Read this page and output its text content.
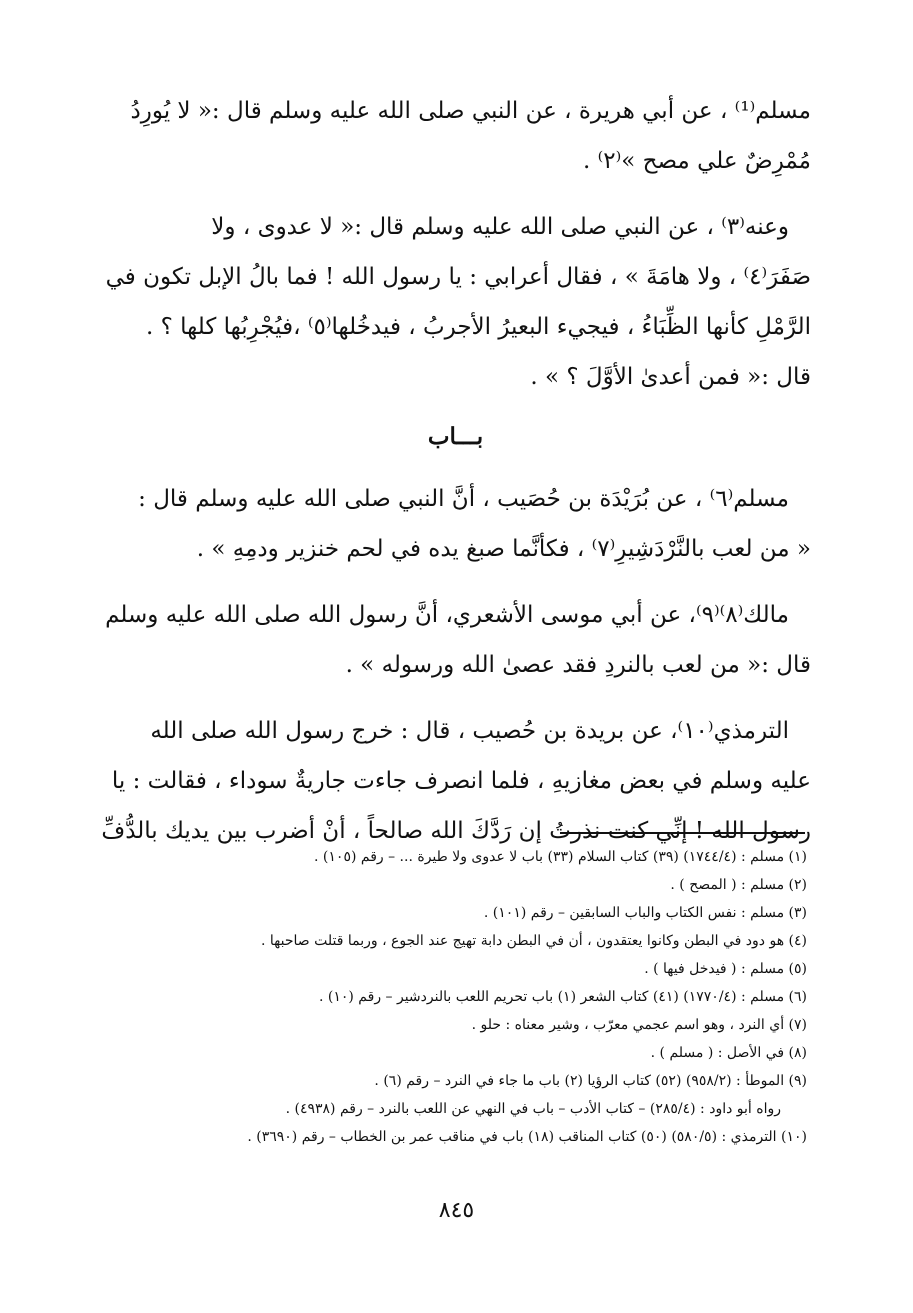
مسلم⁽¹⁾ ، عن أبي هريرة ، عن النبي صلى الله عليه وسلم قال :« لا يُورِدُ
مُمْرِضٌ علي مصح »⁽٢⁾ .

وعنه⁽٣⁾ ، عن النبي صلى الله عليه وسلم قال :« لا عدوى ، ولا
صَفَرَ⁽٤⁾ ، ولا هامَةَ » ، فقال أعرابي : يا رسول الله ! فما بالُ الإبل تكون في
الرَّمْلِ كأنها الظِّبَاءُ ، فيجيء البعيرُ الأجربُ ، فيدخُلها⁽٥⁾ ،فيُجْرِبُها كلها ؟ .
قال :« فمن أعدىٰ الأوَّلَ ؟ » .

بـــاب

مسلم⁽٦⁾ ، عن بُرَيْدَة بن حُصَيب ، أنَّ النبي صلى الله عليه وسلم قال :
« من لعب بالنَّرْدَشِيرِ⁽٧⁾ ، فكأنَّما صبغ يده في لحم خنزير ودمِهِ » .

مالك⁽٨⁾⁽٩⁾، عن أبي موسى الأشعري، أنَّ رسول الله صلى الله عليه وسلم
قال :« من لعب بالنردِ فقد عصىٰ الله ورسوله » .

الترمذي⁽١٠⁾، عن بريدة بن حُصيب ، قال : خرج رسول الله صلى الله
عليه وسلم في بعض مغازيهِ ، فلما انصرف جاءت جاريةٌ سوداء ، فقالت : يا
رسول الله ! إنِّي كنت نذرتُ إن رَدَّكَ الله صالحاً ، أنْ أضرب بين يديك بالدُّفِّ

(١) مسلم : (١٧٤٤/٤) (٣٩) كتاب السلام (٣٣) باب لا عدوى ولا طيرة ... – رقم (١٠٥) .
(٢) مسلم : ( المصح ) .
(٣) مسلم : نفس الكتاب والباب السابقين – رقم (١٠١) .
(٤) هو دود في البطن وكانوا يعتقدون ، أن في البطن دابة تهيج عند الجوع ، وربما قتلت صاحبها .
(٥) مسلم : ( فيدخل فيها ) .
(٦) مسلم : (١٧٧٠/٤) (٤١) كتاب الشعر (١) باب تحريم اللعب بالنردشير – رقم (١٠) .
(٧) أي النرد ، وهو اسم عجمي معرّب ، وشير معناه : حلو .
(٨) في الأصل : ( مسلم ) .
(٩) الموطأ : (٩٥٨/٢) (٥٢) كتاب الرؤيا (٢) باب ما جاء في النرد – رقم (٦) .
رواه أبو داود : (٢٨٥/٤) – كتاب الأدب – باب في النهي عن اللعب بالنرد – رقم (٤٩٣٨) .
(١٠) الترمذي : (٥٨٠/٥) (٥٠) كتاب المناقب (١٨) باب في مناقب عمر بن الخطاب – رقم (٣٦٩٠) .
٨٤٥
